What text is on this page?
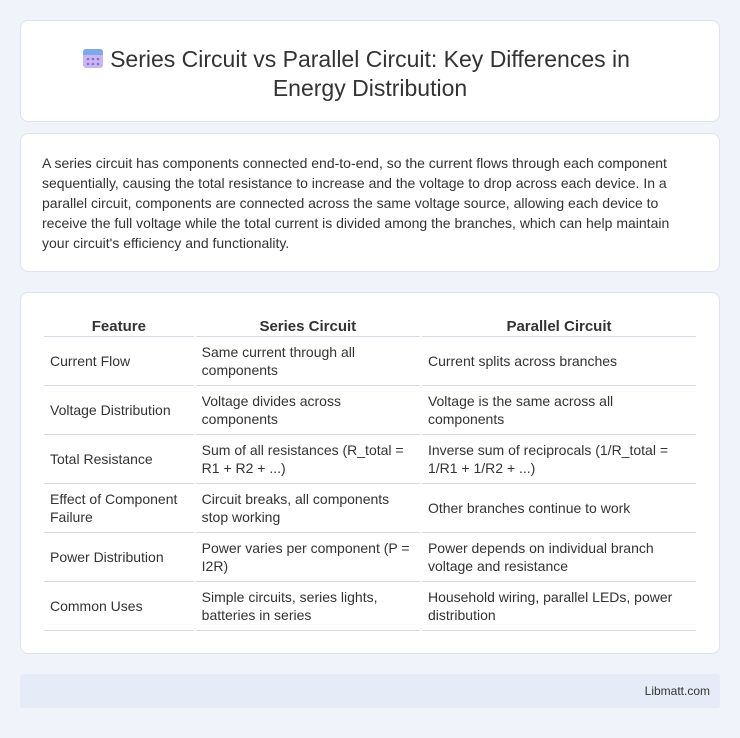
Series Circuit vs Parallel Circuit: Key Differences in
Energy Distribution

A series circuit has components connected end-to-end, so the current flows through each component sequentially, causing the total resistance to increase and the voltage to drop across each device. In a parallel circuit, components are connected across the same voltage source, allowing each device to receive the full voltage while the total current is divided among the branches, which can help maintain your circuit's efficiency and functionality.

Feature	Series Circuit	Parallel Circuit
Current Flow	Same current through all components	Current splits across branches
Voltage Distribution	Voltage divides across components	Voltage is the same across all components
Total Resistance	Sum of all resistances (R_total = R1 + R2 + ...)	Inverse sum of reciprocals (1/R_total = 1/R1 + 1/R2 + ...)
Effect of Component Failure	Circuit breaks, all components stop working	Other branches continue to work
Power Distribution	Power varies per component (P = I2R)	Power depends on individual branch voltage and resistance
Common Uses	Simple circuits, series lights, batteries in series	Household wiring, parallel LEDs, power distribution
Libmatt.com
